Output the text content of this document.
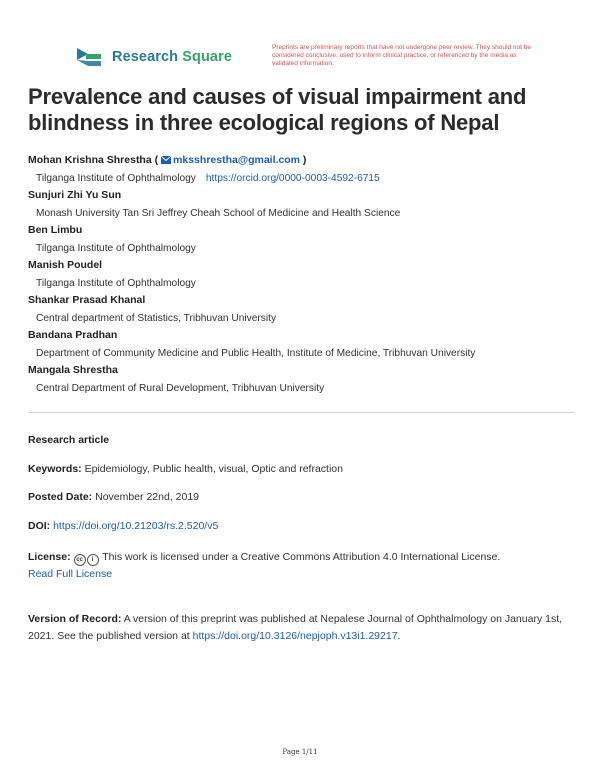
Research Square
Preprints are preliminary reports that have not undergone peer review. They should not be considered conclusive, used to inform clinical practice, or referenced by the media as validated information.
Prevalence and causes of visual impairment and blindness in three ecological regions of Nepal
Mohan Krishna Shrestha ( mksshrestha@gmail.com )
Tilganga Institute of Ophthalmology https://orcid.org/0000-0003-4592-6715
Sunjuri Zhi Yu Sun
Monash University Tan Sri Jeffrey Cheah School of Medicine and Health Science
Ben Limbu
Tilganga Institute of Ophthalmology
Manish Poudel
Tilganga Institute of Ophthalmology
Shankar Prasad Khanal
Central department of Statistics, Tribhuvan University
Bandana Pradhan
Department of Community Medicine and Public Health, Institute of Medicine, Tribhuvan University
Mangala Shrestha
Central Department of Rural Development, Tribhuvan University
Research article
Keywords: Epidemiology, Public health, visual, Optic and refraction
Posted Date: November 22nd, 2019
DOI: https://doi.org/10.21203/rs.2.520/v5
License: cc i This work is licensed under a Creative Commons Attribution 4.0 International License.
Read Full License
Version of Record: A version of this preprint was published at Nepalese Journal of Ophthalmology on January 1st, 2021. See the published version at https://doi.org/10.3126/nepjoph.v13i1.29217.
Page 1/11
